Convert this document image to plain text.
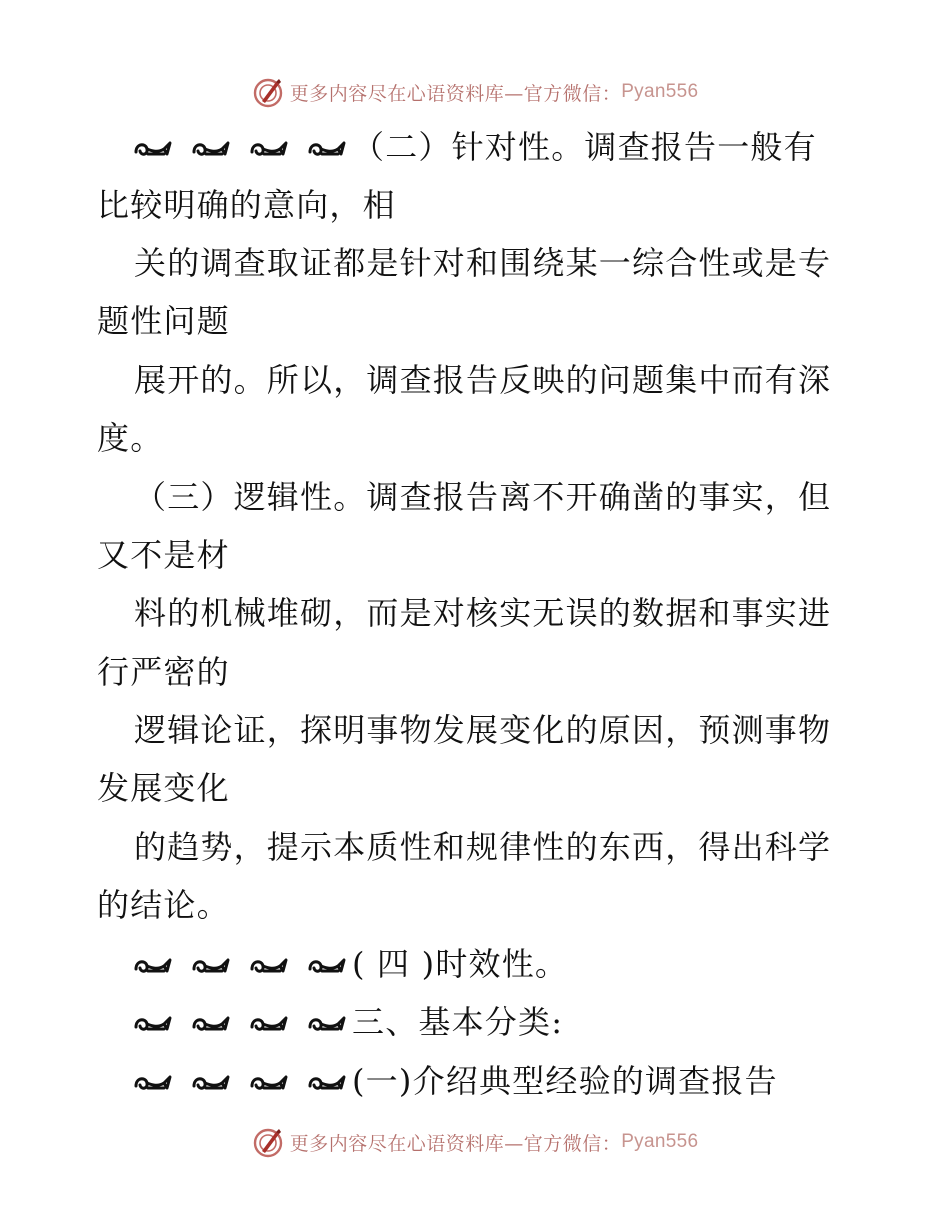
更多内容尽在心语资料库—官方微信： Pyan556
（二）针对性。调查报告一般有
比较明确的意向，相
关的调查取证都是针对和围绕某一综合性或是专
题性问题
展开的。所以，调查报告反映的问题集中而有深
度。
（三）逻辑性。调查报告离不开确凿的事实，但
又不是材
料的机械堆砌，而是对核实无误的数据和事实进
行严密的
逻辑论证，探明事物发展变化的原因，预测事物
发展变化
的趋势，提示本质性和规律性的东西，得出科学
的结论。
( 四 )时效性。
三、基本分类:
(一)介绍典型经验的调查报告
更多内容尽在心语资料库—官方微信： Pyan556
